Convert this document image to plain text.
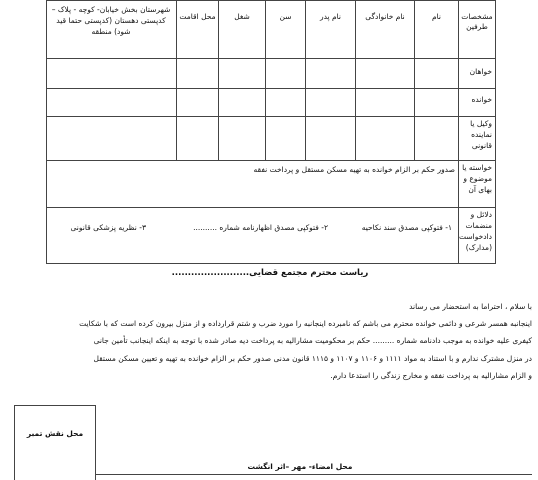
مشخصات طرفین
نام
نام خانوادگی
نام پدر
سن
شغل
محل اقامت
شهرستان بخش خیابان- کوچه - پلاک – کدپستی دهستان (کدپستی حتما قید شود) منطقه
خواهان
خوانده
وکیل یا نماینده قانونی
خواسته یا موضوع و بهای آن
دلائل و منضمات دادخواست (مدارک)
صدور حکم بر الزام خوانده به تهیه مسکن مستقل و پرداخت نفقه
۱- فتوکپی مصدق سند نکاحیه
۲- فتوکپی مصدق اظهارنامه شماره ..........
۳- نظریه پزشکی قانونی
ریاست محترم مجتمع قضایی........................
با سلام ، احتراما به استحضار می رساند
اینجانبه همسر شرعی و دائمی خوانده محترم می باشم که نامبرده اینجانبه را مورد ضرب و شتم قرارداده و از منزل بیرون کرده است که با شکایت
کیفری علیه خوانده به موجب دادنامه شماره ......... حکم بر محکومیت مشارالیه به پرداخت دیه صادر شده با توجه به اینکه اینجانب تأمین جانی
در منزل مشترک ندارم و با استناد به مواد ۱۱۱۱ و ۱۱۰۶ و ۱۱۰۷ و ۱۱۱۵ قانون مدنی صدور حکم بر الزام خوانده به تهیه و تعیین مسکن مستقل
و الزام مشارالیه به پرداخت نفقه و مخارج زندگی را استدعا دارم.
محل نقش تمبر
محل امضاء- مهر –اثر انگشت
